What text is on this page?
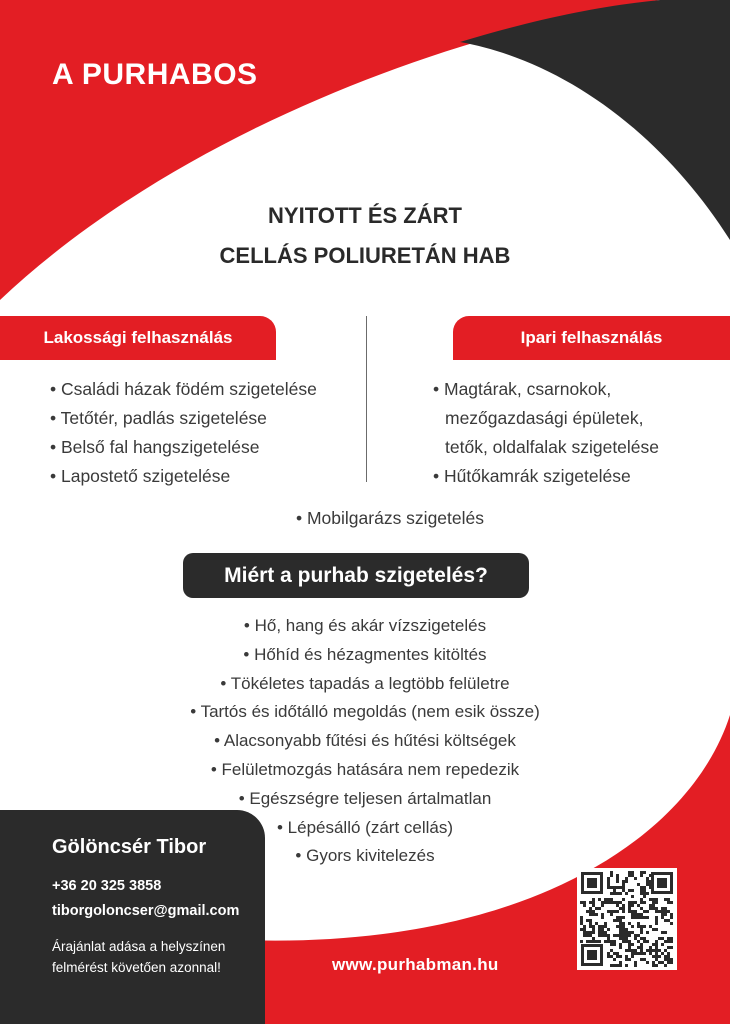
A PURHABOS
NYITOTT ÉS ZÁRT
CELLÁS POLIURETÁN HAB
Lakossági felhasználás	Ipari felhasználás
• Családi házak födém szigetelése
• Tetőtér, padlás szigetelése
• Belső fal hangszigetelése
• Lapostető szigetelése
• Magtárak, csarnokok,
mezőgazdasági épületek,
tetők, oldalfalak szigetelése
• Hűtőkamrák szigetelése
• Mobilgarázs szigetelés
Miért a purhab szigetelés?
• Hő, hang és akár vízszigetelés
• Hőhíd és hézagmentes kitöltés
• Tökéletes tapadás a legtöbb felületre
• Tartós és időtálló megoldás (nem esik össze)
• Alacsonyabb fűtési és hűtési költségek
• Felületmozgás hatására nem repedezik
• Egészségre teljesen ártalmatlan
• Lépésálló (zárt cellás)
• Gyors kivitelezés
Gölöncsér Tibor
+36 20 325 3858
tiborgoloncser@gmail.com
Árajánlat adása a helyszínen
felmérést követően azonnal!	www.purhabman.hu
